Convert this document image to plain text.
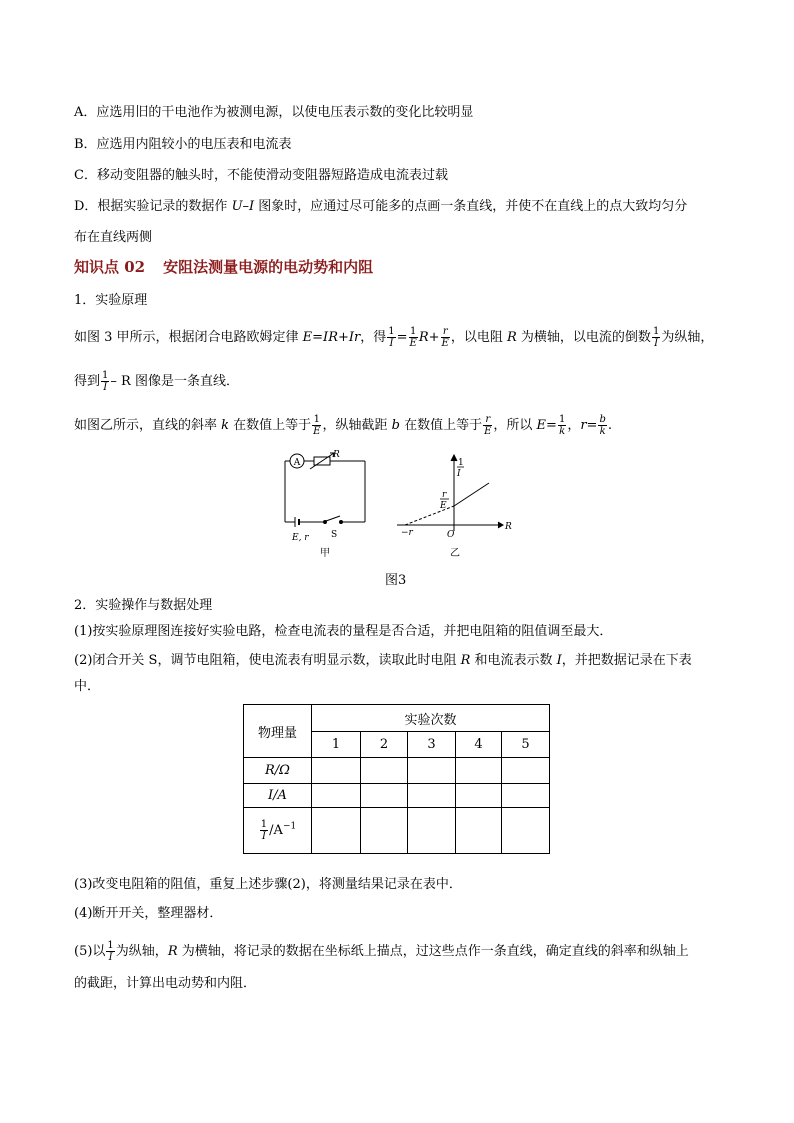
A．应选用旧的干电池作为被测电源，以使电压表示数的变化比较明显
B．应选用内阻较小的电压表和电流表
C．移动变阻器的触头时，不能使滑动变阻器短路造成电流表过载
D．根据实验记录的数据作 U–I 图象时，应通过尽可能多的点画一条直线，并使不在直线上的点大致均匀分
布在直线两侧
知识点 02 安阻法测量电源的电动势和内阻
1．实验原理
如图 3 甲所示，根据闭合电路欧姆定律 E=IR+Ir，得 $\frac{1}{I} = \frac{1}{E} R+ \frac{r}{E}$ ，以电阻 R 为横轴，以电流的倒数 $\frac{1}{I}$ 为纵轴，
得到 $\frac{1}{I}$ – R 图像是一条直线．
如图乙所示，直线的斜率 k 在数值上等于 $\frac{1}{E}$ ，纵轴截距 b 在数值上等于 $\frac{r}{E}$ ，所以 $E= \frac{1}{k}$ ，$r= \frac{b}{k}$ .
A
R
E, r S
甲
1
I
r
E
R
O
−r
乙
图3
2．实验操作与数据处理
(1)按实验原理图连接好实验电路，检查电流表的量程是否合适，并把电阻箱的阻值调至最大．
(2)闭合开关 S，调节电阻箱，使电流表有明显示数，读取此时电阻 R 和电流表示数 I，并把数据记录在下表
中．
物理量	实验次数				
	1	2	3	4	5
R/Ω					
I/A					

$\frac{1}{I} /A^{-1}$					
(3)改变电阻箱的阻值，重复上述步骤(2)，将测量结果记录在表中．
(4)断开开关，整理器材．
(5)以 $\frac{1}{I}$ 为纵轴，R 为横轴，将记录的数据在坐标纸上描点，过这些点作一条直线，确定直线的斜率和纵轴上
的截距，计算出电动势和内阻．
